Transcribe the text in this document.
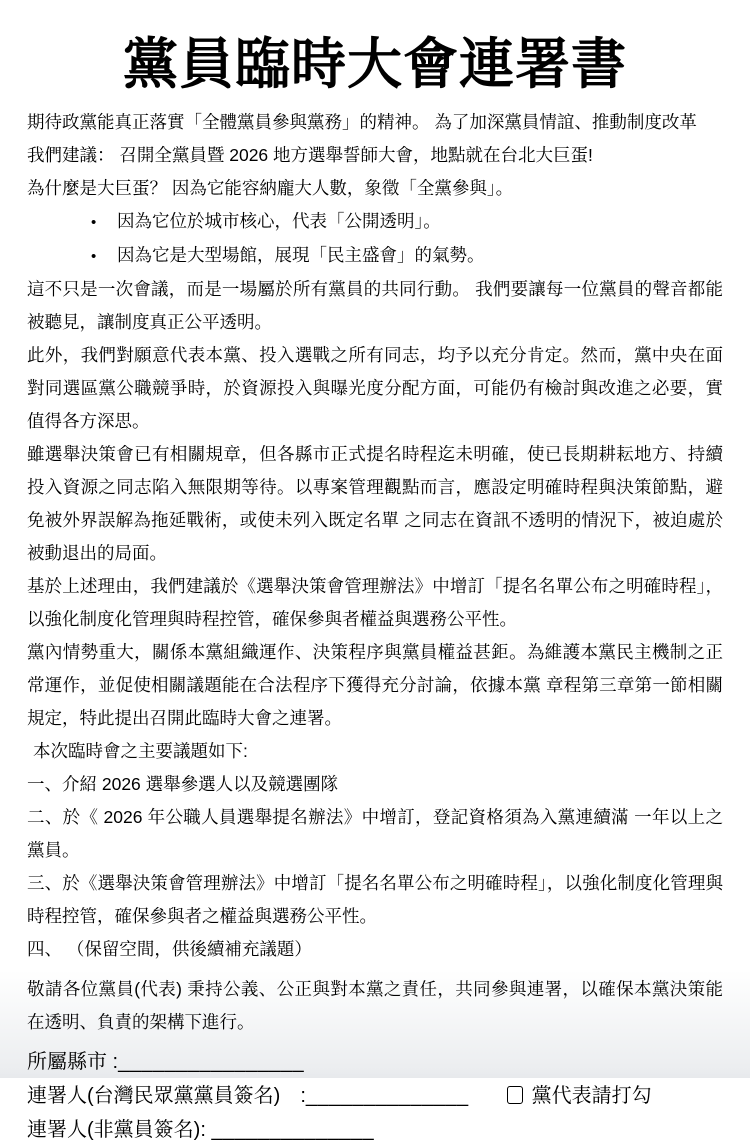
黨員臨時大會連署書

期待政黨能真正落實「全體黨員參與黨務」的精神。 為了加深黨員情誼、推動制度改革

我們建議： 召開全黨員暨 2026 地方選舉誓師大會，地點就在台北大巨蛋!

為什麼是大巨蛋？ 因為它能容納龐大人數，象徵「全黨參與」。

• 因為它位於城市核心，代表「公開透明」。
• 因為它是大型場館，展現「民主盛會」的氣勢。

這不只是一次會議，而是一場屬於所有黨員的共同行動。 我們要讓每一位黨員的聲音都能被聽見，讓制度真正公平透明。

此外，我們對願意代表本黨、投入選戰之所有同志，均予以充分肯定。然而，黨中央在面對同選區黨公職競爭時，於資源投入與曝光度分配方面，可能仍有檢討與改進之必要，實值得各方深思。

雖選舉決策會已有相關規章，但各縣市正式提名時程迄未明確，使已長期耕耘地方、持續投入資源之同志陷入無限期等待。以專案管理觀點而言，應設定明確時程與決策節點，避免被外界誤解為拖延戰術，或使未列入既定名單 之同志在資訊不透明的情況下，被迫處於被動退出的局面。

基於上述理由，我們建議於《選舉決策會管理辦法》中增訂「提名名單公布之明確時程」，以強化制度化管理與時程控管，確保參與者權益與選務公平性。

黨內情勢重大，關係本黨組織運作、決策程序與黨員權益甚鉅。為維護本黨民主機制之正常運作，並促使相關議題能在合法程序下獲得充分討論，依據本黨 章程第三章第一節相關規定，特此提出召開此臨時大會之連署。

本次臨時會之主要議題如下:

一、介紹 2026 選舉參選人以及競選團隊

二、於《 2026 年公職人員選舉提名辦法》中增訂，登記資格須為入黨連續滿 一年以上之黨員。

三、於《選舉決策會管理辦法》中增訂「提名名單公布之明確時程」，以強化制度化管理與時程控管，確保參與者之權益與選務公平性。

四、 （保留空間，供後續補充議題）

敬請各位黨員(代表) 秉持公義、公正與對本黨之責任，共同參與連署，以確保本黨決策能在透明、負責的架構下進行。

所屬縣市 :________________
連署人(台灣民眾黨黨員簽名)　:______________	黨代表請打勾
連署人(非黨員簽名): ______________
